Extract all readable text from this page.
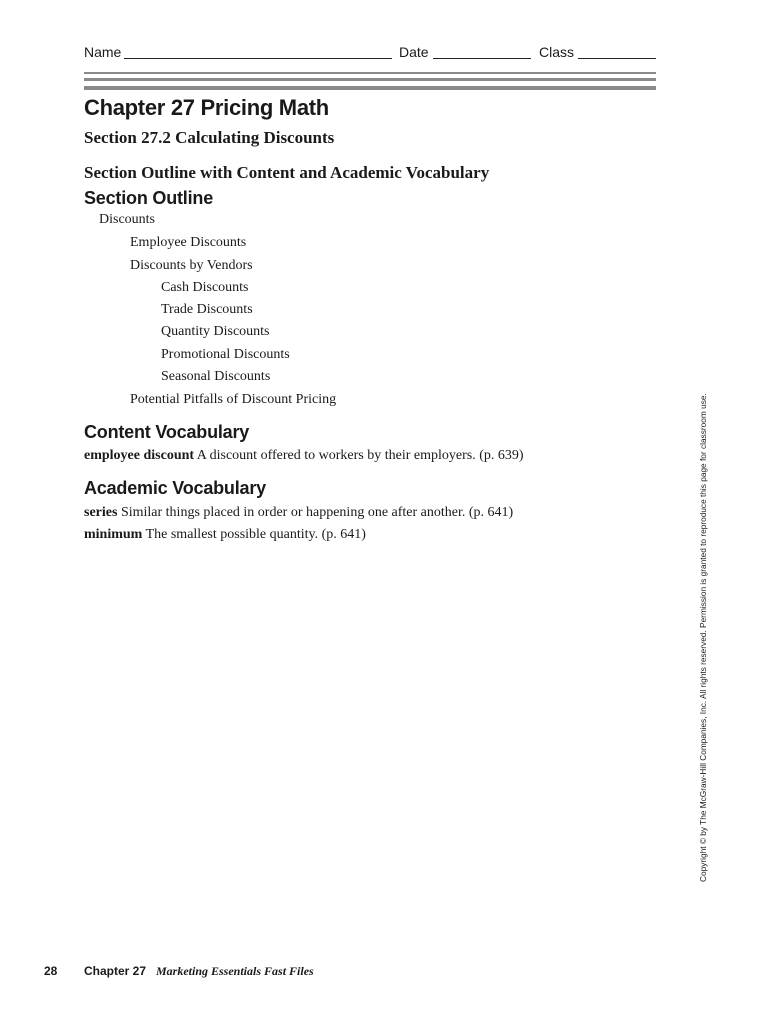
Name	Date	Class
Chapter 27 Pricing Math
Section 27.2 Calculating Discounts
Section Outline with Content and Academic Vocabulary
Section Outline
Discounts
Employee Discounts
Discounts by Vendors
Cash Discounts
Trade Discounts
Quantity Discounts
Promotional Discounts
Seasonal Discounts
Potential Pitfalls of Discount Pricing
Content Vocabulary

employee discount A discount offered to workers by their employers. (p. 639)

Academic Vocabulary

series Similar things placed in order or happening one after another. (p. 641)

minimum The smallest possible quantity. (p. 641)	Copyright © by The McGraw-Hill Companies, Inc. All rights reserved. Permission is granted to reproduce this page for classroom use.
28 Chapter 27 Marketing Essentials Fast Files
